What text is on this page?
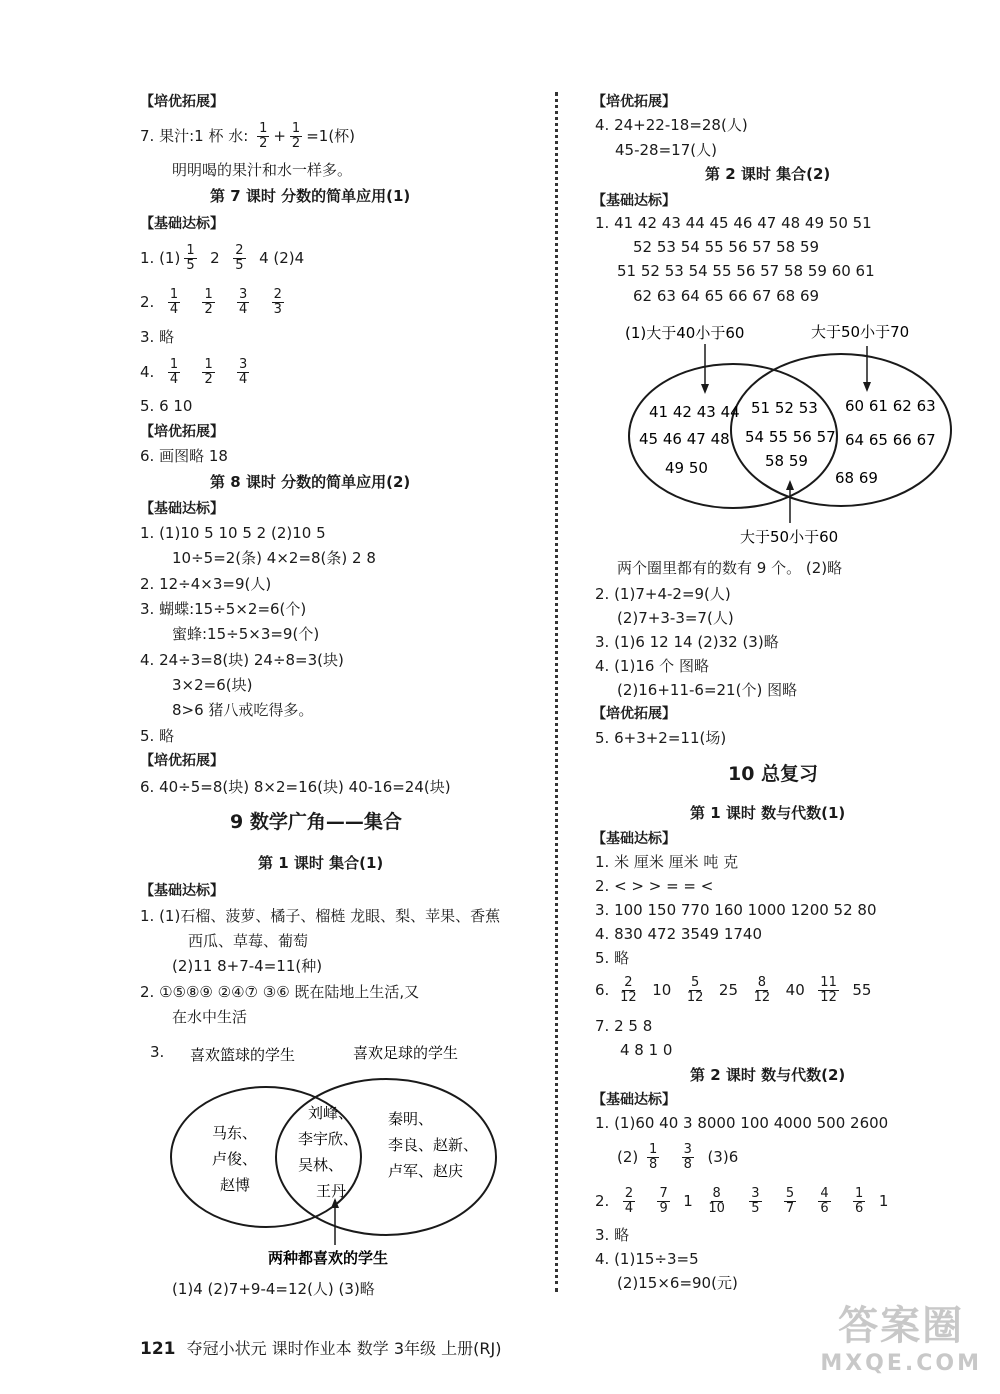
【培优拓展】
7. 果汁:1 杯 水: $\frac{1}{2} + \frac{1}{2} =1$(杯)
明明喝的果汁和水一样多。
第 7 课时 分数的简单应用(1)
【基础达标】
1. $(1) \frac{1}{5} 2 \frac{2}{5} 4$ (2)4
2. $\frac{1}{4}$
$\frac{1}{2}$
$\frac{3}{4}$
$\frac{2}{3}$
3. 略
4. $\frac{1}{4}$
$\frac{1}{2}$
$\frac{3}{4}$
5. 6 10
【培优拓展】
6. 画图略 18
第 8 课时 分数的简单应用(2)
【基础达标】
1. (1)10 5 10 5 2 (2)10 5
10÷5=2(条) 4×2=8(条) 2 8
2. 12÷4×3=9(人)
3. 蝴蝶:15÷5×2=6(个)
蜜蜂:15÷5×3=9(个)
4. 24÷3=8(块) 24÷8=3(块)
3×2=6(块)
8>6 猪八戒吃得多。
5. 略
【培优拓展】
6. 40÷5=8(块) 8×2=16(块) 40-16=24(块)
9 数学广角——集合
第 1 课时 集合(1)
【基础达标】
1. (1)石榴、菠萝、橘子、榴梿 龙眼、梨、苹果、香蕉
西瓜、草莓、葡萄
(2)11 8+7-4=11(种)
2. ①⑤⑧⑨ ②④⑦ ③⑥ 既在陆地上生活,又
在水中生活
3.
(1)4 (2)7+9-4=12(人) (3)略
喜欢篮球的学生	喜欢足球的学生
两种都喜欢的学生
马东、
卢俊、
赵博
刘峰、
李宇欣、
吴林、
王丹
秦明、
李良、赵新、
卢军、赵庆
【培优拓展】
4. 24+22-18=28(人)
45-28=17(人)
第 2 课时 集合(2)
【基础达标】
1. 41 42 43 44 45 46 47 48 49 50 51
52 53 54 55 56 57 58 59
51 52 53 54 55 56 57 58 59 60 61
62 63 64 65 66 67 68 69
两个圈里都有的数有 9 个。 (2)略
2. (1)7+4-2=9(人)
(2)7+3-3=7(人)
3. (1)6 12 14 (2)32 (3)略
4. (1)16 个 图略
(2)16+11-6=21(个) 图略
【培优拓展】
5. 6+3+2=11(场)
10 总复习
第 1 课时 数与代数(1)
【基础达标】
1. 米 厘米 厘米 吨 克
2. < > > = = <
3. 100 150 770 160 1000 1200 52 80
4. 830 472 3549 1740
5. 略
6. $\frac{2}{12} 10 \frac{5}{12} 25 \frac{8}{12} 40 \frac{11}{12} 55$
7. 2 5 8
4 8 1 0
第 2 课时 数与代数(2)
【基础达标】
1. (1)60 40 3 8000 100 4000 500 2600
$(2) \frac{1}{8}$
$\frac{3}{8} (3)6$
2. $\frac{2}{4}$
$\frac{7}{9} 1 \frac{8}{10}$
$\frac{3}{5}$
$\frac{5}{7}$
$\frac{4}{6}$
$\frac{1}{6} 1$
3. 略
4. (1)15÷3=5
(2)15×6=90(元)
(1)大于40小于60	大于50小于70
大于50小于60
41 42 43 44
45 46 47 48
49 50
51 52 53
54 55 56 57
58 59
60 61 62 63
64 65 66 67
68 69
121 夺冠小状元 课时作业本 数学 3年级 上册(RJ)	答案圈
MXQE.COM
